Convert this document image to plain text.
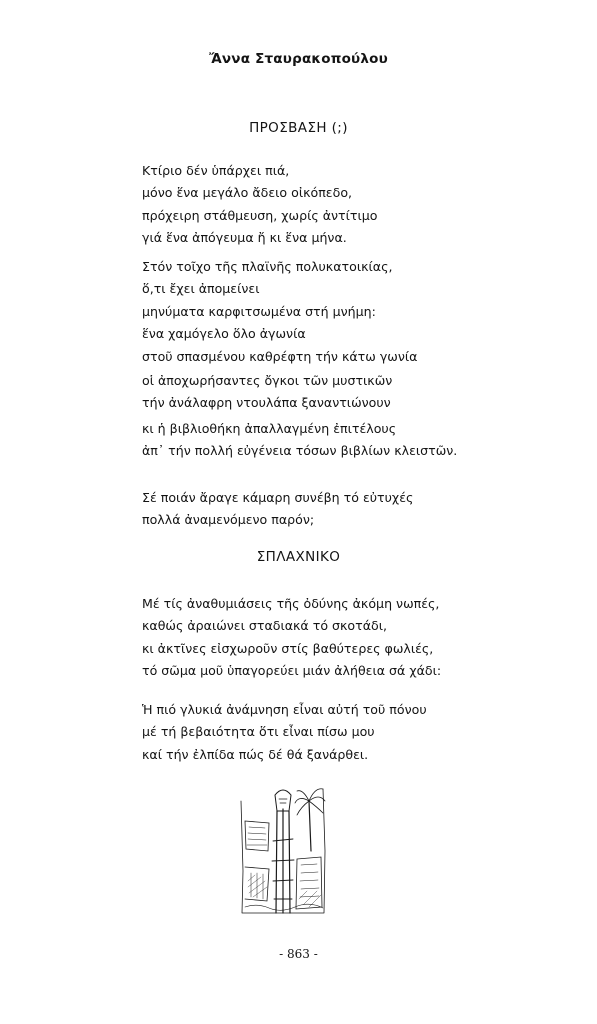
Ἄννα Σταυρακοπούλου
ΠΡΟΣΒΑΣΗ (;)
Κτίριο δέν ὑπάρχει πιά,
μόνο ἕνα μεγάλο ἄδειο οἰκόπεδο,
πρόχειρη στάθμευση, χωρίς ἀντίτιμο
γιά ἕνα ἀπόγευμα ἤ κι ἕνα μήνα.
Στόν τοῖχο τῆς πλαϊνῆς πολυκατοικίας,
ὅ,τι ἔχει ἀπομείνει
μηνύματα καρφιτσωμένα στή μνήμη:
ἕνα χαμόγελο ὅλο ἀγωνία
στοῦ σπασμένου καθρέφτη τήν κάτω γωνία
οἱ ἀποχωρήσαντες ὄγκοι τῶν μυστικῶν
τήν ἀνάλαφρη ντουλάπα ξαναντιώνουν
κι ἡ βιβλιοθήκη ἀπαλλαγμένη ἐπιτέλους
ἀπ᾿ τήν πολλή εὐγένεια τόσων βιβλίων κλειστῶν.
Σέ ποιάν ἄραγε κάμαρη συνέβη τό εὐτυχές
πολλά ἀναμενόμενο παρόν;
ΣΠΛΑΧΝΙΚΟ
Μέ τίς ἀναθυμιάσεις τῆς ὀδύνης ἀκόμη νωπές,
καθώς ἀραιώνει σταδιακά τό σκοτάδι,
κι ἀκτῖνες εἰσχωροῦν στίς βαθύτερες φωλιές,
τό σῶμα μοῦ ὑπαγορεύει μιάν ἀλήθεια σά χάδι:
Ἡ πιό γλυκιά ἀνάμνηση εἶναι αὐτή τοῦ πόνου
μέ τή βεβαιότητα ὅτι εἶναι πίσω μου
καί τήν ἐλπίδα πώς δέ θά ξανάρθει.
- 863 -
